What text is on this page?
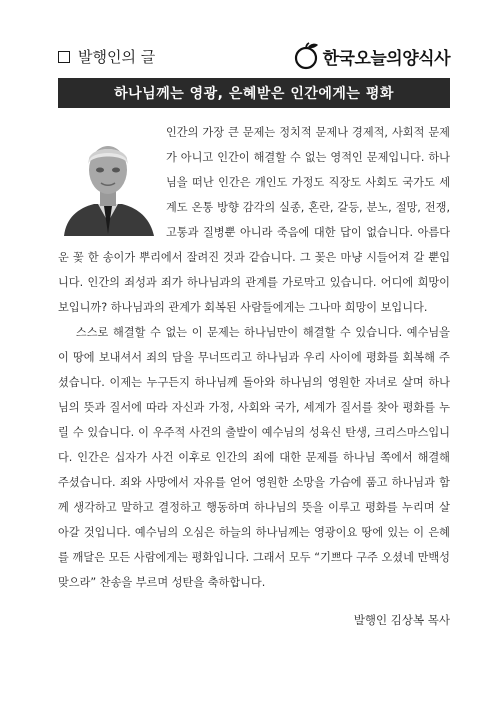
발행인의 글	한국오늘의양식사
하나님께는 영광, 은혜받은 인간에게는 평화

인간의 가장 큰 문제는 정치적 문제나 경제적, 사회적 문제가 아니고 인간이 해결할 수 없는 영적인 문제입니다. 하나님을 떠난 인간은 개인도 가정도 직장도 사회도 국가도 세계도 온통 방향 감각의 실종, 혼란, 갈등, 분노, 절망, 전쟁, 고통과 질병뿐 아니라 죽음에 대한 답이 없습니다. 아름다운 꽃 한 송이가 뿌리에서 잘려진 것과 같습니다. 그 꽃은 마냥 시들어져 갈 뿐입니다. 인간의 죄성과 죄가 하나님과의 관계를 가로막고 있습니다. 어디에 희망이 보입니까? 하나님과의 관계가 회복된 사람들에게는 그나마 희망이 보입니다.

스스로 해결할 수 없는 이 문제는 하나님만이 해결할 수 있습니다. 예수님을 이 땅에 보내셔서 죄의 담을 무너뜨리고 하나님과 우리 사이에 평화를 회복해 주셨습니다. 이제는 누구든지 하나님께 돌아와 하나님의 영원한 자녀로 살며 하나님의 뜻과 질서에 따라 자신과 가정, 사회와 국가, 세계가 질서를 찾아 평화를 누릴 수 있습니다. 이 우주적 사건의 출발이 예수님의 성육신 탄생, 크리스마스입니다. 인간은 십자가 사건 이후로 인간의 죄에 대한 문제를 하나님 쪽에서 해결해 주셨습니다. 죄와 사망에서 자유를 얻어 영원한 소망을 가슴에 품고 하나님과 함께 생각하고 말하고 결정하고 행동하며 하나님의 뜻을 이루고 평화를 누리며 살아갈 것입니다. 예수님의 오심은 하늘의 하나님께는 영광이요 땅에 있는 이 은혜를 깨달은 모든 사람에게는 평화입니다. 그래서 모두 “기쁘다 구주 오셨네 만백성 맞으라” 찬송을 부르며 성탄을 축하합니다.

발행인 김상복 목사
